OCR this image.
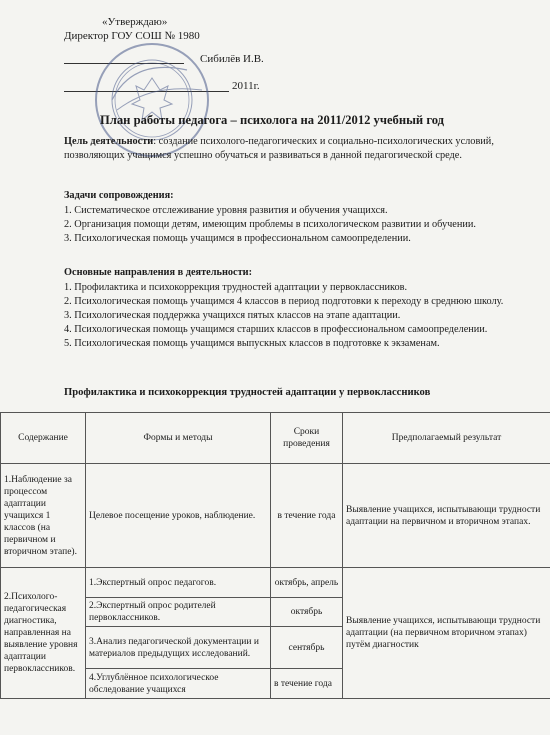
«Утверждаю»
Директор ГОУ СОШ № 1980
Сибилёв И.В.
2011г.
План работы педагога – психолога на 2011/2012 учебный год
Цель деятельности: создание психолого-педагогических и социально-психологических условий, позволяющих учащимся успешно обучаться и развиваться в данной педагогической среде.
Задачи сопровождения:
1. Систематическое отслеживание уровня развития и обучения учащихся.
2. Организация помощи детям, имеющим проблемы в психологическом развитии и обучении.
3. Психологическая помощь учащимся в профессиональном самоопределении.
Основные направления в деятельности:
1. Профилактика и психокоррекция трудностей адаптации у первоклассников.
2. Психологическая помощь учащимся 4 классов в период подготовки к переходу в среднюю школу.
3. Психологическая поддержка учащихся пятых классов на этапе адаптации.
4. Психологическая помощь учащимся старших классов в профессиональном самоопределении.
5. Психологическая помощь учащимся выпускных классов в подготовке к экзаменам.
Профилактика и психокоррекция трудностей адаптации у первоклассников
Содержание	Формы и методы	Сроки проведения	Предполагаемый результат
1.Наблюдение за процессом адаптации учащихся 1 классов (на первичном и вторичном этапе).	Целевое посещение уроков, наблюдение.	в течение года	Выявление учащихся, испытывающи трудности адаптации на первичном и вторичном этапах.
2.Психолого-педагогическая диагностика, направленная на выявление уровня адаптации первоклассников.	1.Экспертный опрос педагогов.	октябрь, апрель	Выявление учащихся, испытывающи трудности адаптации (на первичном вторичном этапах) путём диагностик
	2.Экспертный опрос родителей первоклассников.	октябрь	
	3.Анализ педагогической документации и материалов предыдущих исследований.	сентябрь	
	4.Углублённое психологическое обследование учащихся	в течение года	
